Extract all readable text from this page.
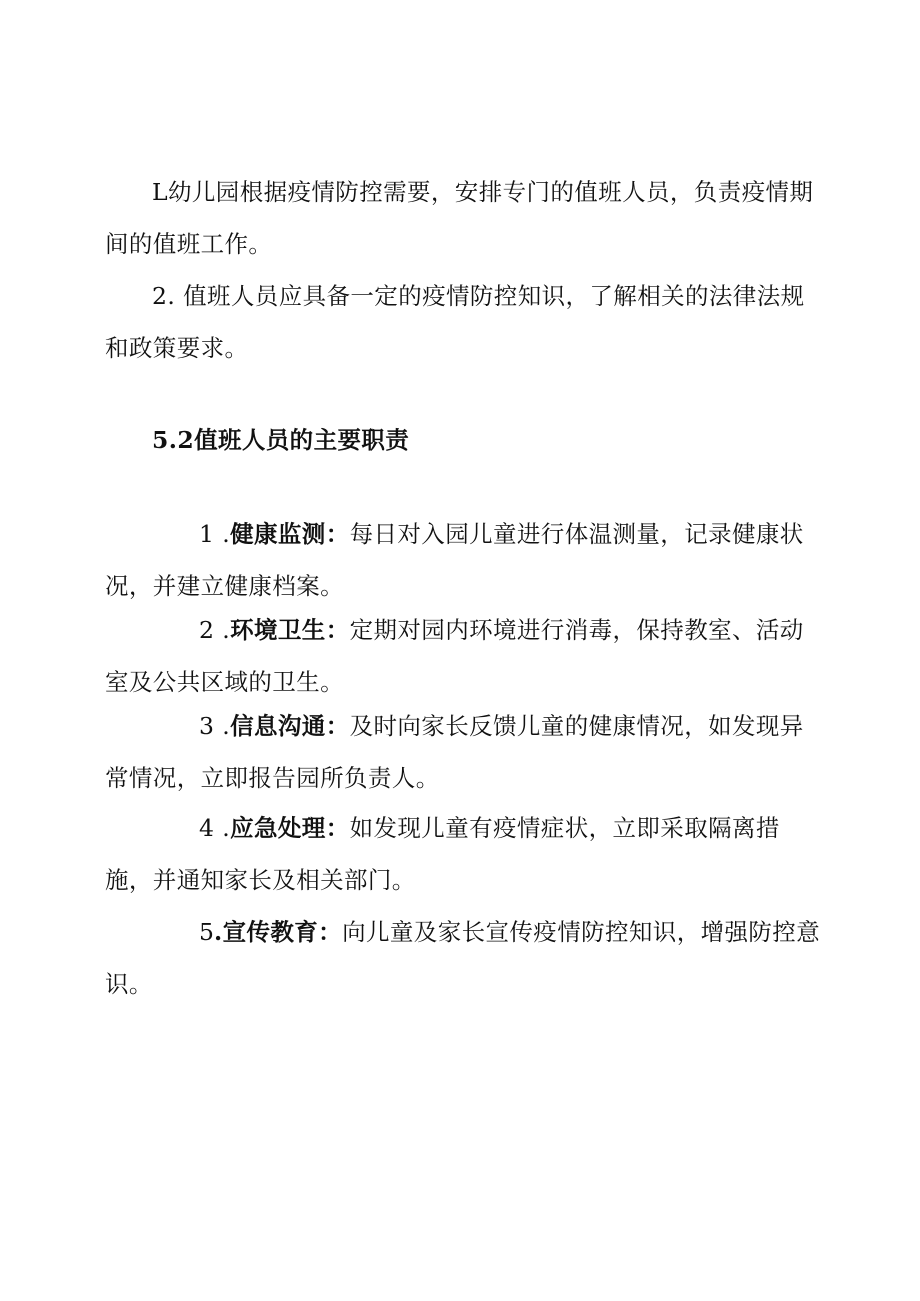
L幼儿园根据疫情防控需要，安排专门的值班人员，负责疫情期间的值班工作。

2. 值班人员应具备一定的疫情防控知识，了解相关的法律法规和政策要求。

5.2值班人员的主要职责

1 .健康监测：每日对入园儿童进行体温测量，记录健康状况，并建立健康档案。

2 .环境卫生：定期对园内环境进行消毒，保持教室、活动室及公共区域的卫生。

3 .信息沟通：及时向家长反馈儿童的健康情况，如发现异常情况，立即报告园所负责人。

4 .应急处理：如发现儿童有疫情症状，立即采取隔离措施，并通知家长及相关部门。

5.宣传教育：向儿童及家长宣传疫情防控知识，增强防控意识。
